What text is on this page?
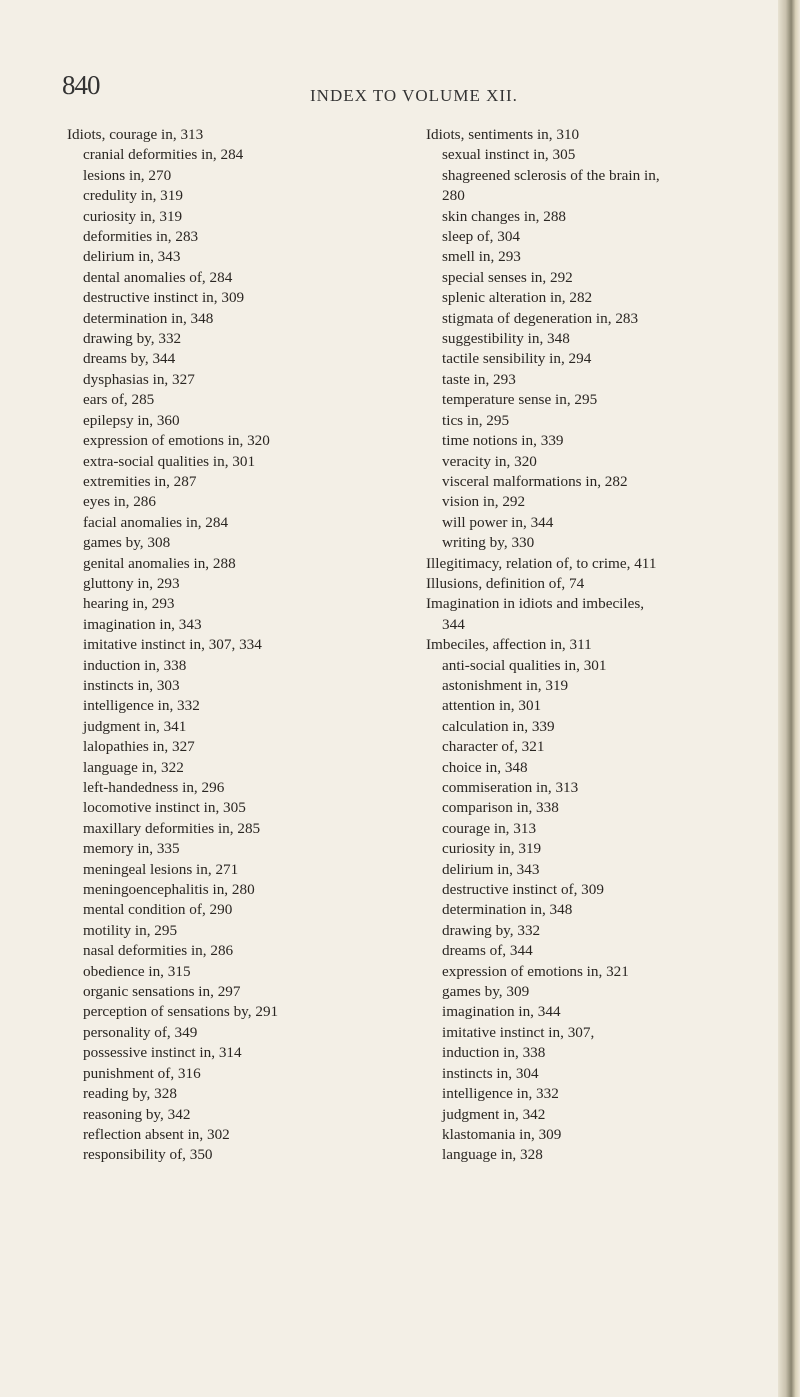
840	INDEX TO VOLUME XII.
Idiots, courage in, 313
cranial deformities in, 284
lesions in, 270
credulity in, 319
curiosity in, 319
deformities in, 283
delirium in, 343
dental anomalies of, 284
destructive instinct in, 309
determination in, 348
drawing by, 332
dreams by, 344
dysphasias in, 327
ears of, 285
epilepsy in, 360
expression of emotions in, 320
extra-social qualities in, 301
extremities in, 287
eyes in, 286
facial anomalies in, 284
games by, 308
genital anomalies in, 288
gluttony in, 293
hearing in, 293
imagination in, 343
imitative instinct in, 307, 334
induction in, 338
instincts in, 303
intelligence in, 332
judgment in, 341
lalopathies in, 327
language in, 322
left-handedness in, 296
locomotive instinct in, 305
maxillary deformities in, 285
memory in, 335
meningeal lesions in, 271
meningoencephalitis in, 280
mental condition of, 290
motility in, 295
nasal deformities in, 286
obedience in, 315
organic sensations in, 297
perception of sensations by, 291
personality of, 349
possessive instinct in, 314
punishment of, 316
reading by, 328
reasoning by, 342
reflection absent in, 302
responsibility of, 350
Idiots, sentiments in, 310
sexual instinct in, 305
shagreened sclerosis of the brain in,
280
skin changes in, 288
sleep of, 304
smell in, 293
special senses in, 292
splenic alteration in, 282
stigmata of degeneration in, 283
suggestibility in, 348
tactile sensibility in, 294
taste in, 293
temperature sense in, 295
tics in, 295
time notions in, 339
veracity in, 320
visceral malformations in, 282
vision in, 292
will power in, 344
writing by, 330
Illegitimacy, relation of, to crime, 411
Illusions, definition of, 74
Imagination in idiots and imbeciles,
344
Imbeciles, affection in, 311
anti-social qualities in, 301
astonishment in, 319
attention in, 301
calculation in, 339
character of, 321
choice in, 348
commiseration in, 313
comparison in, 338
courage in, 313
curiosity in, 319
delirium in, 343
destructive instinct of, 309
determination in, 348
drawing by, 332
dreams of, 344
expression of emotions in, 321
games by, 309
imagination in, 344
imitative instinct in, 307,
induction in, 338
instincts in, 304
intelligence in, 332
judgment in, 342
klastomania in, 309
language in, 328
